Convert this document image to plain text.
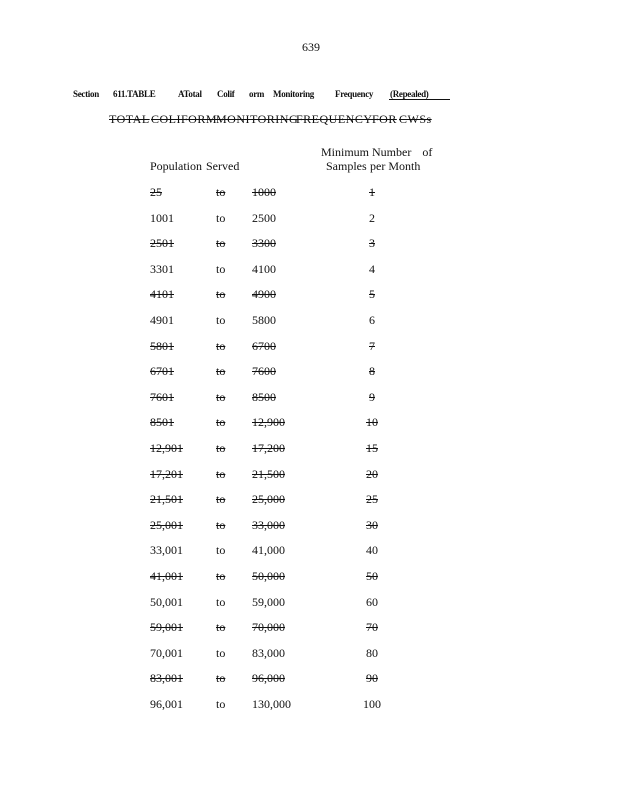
639
Section 611.TABLE	ATotal Colif orm Monitoring Frequency (Repealed)
TOTAL COLIFORM
MONITORING
FREQUENCY FOR CWSs
Minimum Number of
Population Served	Samples per Month
25	to 1000	1
1001	to 2500	2
2501	to 3300	3
3301	to 4100	4
4101	to 4900	5
4901	to 5800	6
5801	to 6700	7
6701	to 7600	8
7601	to 8500	9
8501	to 12,900	10
12,901	to 17,200	15
17,201	to 21,500	20
21,501	to 25,000	25
25,001	to 33,000	30
33,001	to 41,000	40
41,001	to 50,000	50
50,001	to 59,000	60
59,001	to 70,000	70
70,001	to 83,000	80
83,001	to 96,000	90
96,001	to 130,000	100
